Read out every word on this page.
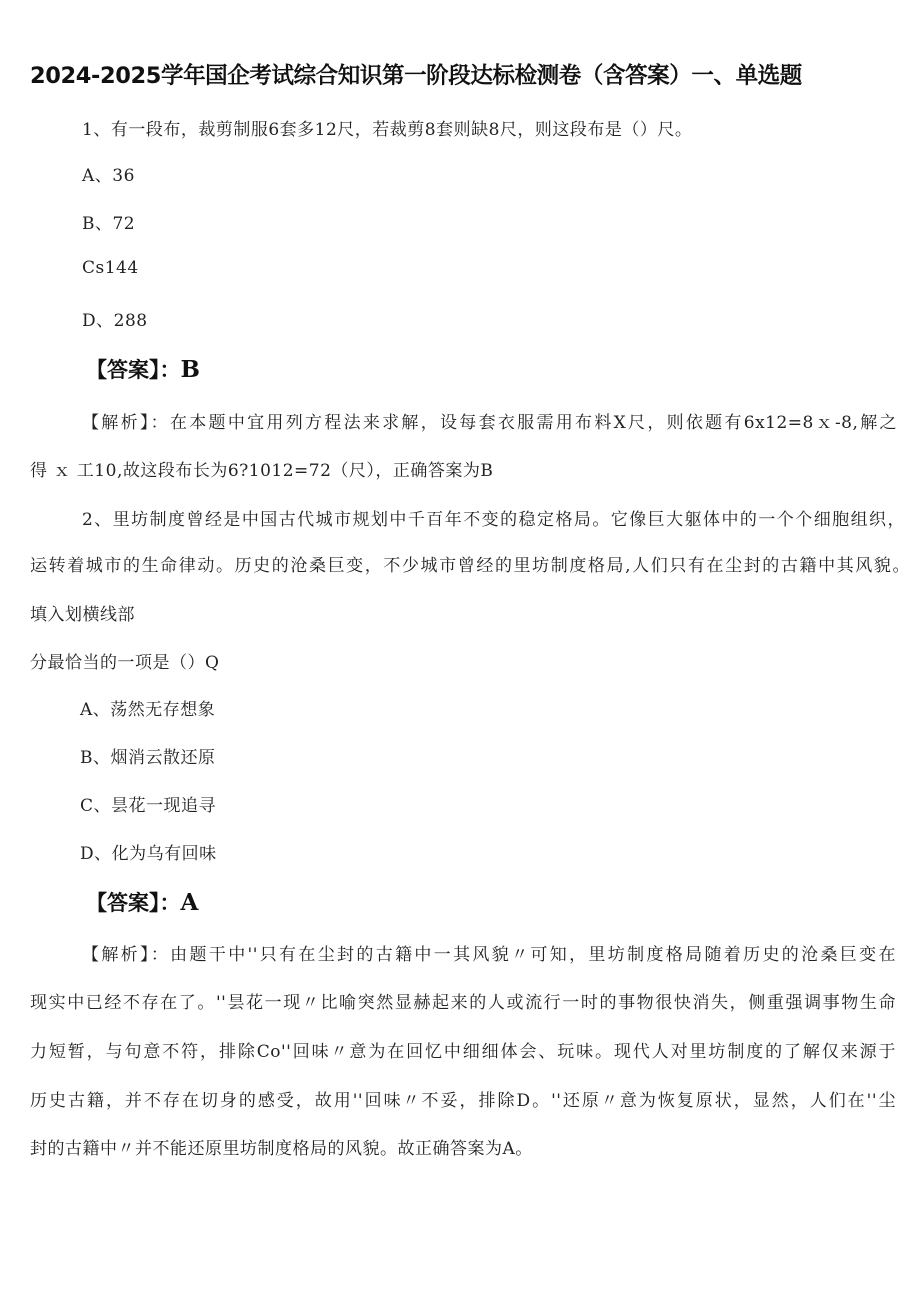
2024-2025学年国企考试综合知识第一阶段达标检测卷（含答案）一、单选题
1、有一段布，裁剪制服6套多12尺，若裁剪8套则缺8尺，则这段布是（）尺。
A、36
B、72
Cs144
D、288
【答案】：B
【解析】：在本题中宜用列方程法来求解，设每套衣服需用布料X尺，则依题有6x12=8ｘ-8,解之
得 ｘ 工10,故这段布长为6?1012=72（尺），正确答案为B
2、里坊制度曾经是中国古代城市规划中千百年不变的稳定格局。它像巨大躯体中的一个个细胞组织，
运转着城市的生命律动。历史的沧桑巨变，不少城市曾经的里坊制度格局,人们只有在尘封的古籍中其风貌。
填入划横线部
分最恰当的一项是（）Q
A、荡然无存想象
B、烟消云散还原
C、昙花一现追寻
D、化为乌有回味
【答案】：A
【解析】：由题干中''只有在尘封的古籍中一其风貌〃可知，里坊制度格局随着历史的沧桑巨变在
现实中已经不存在了。''昙花一现〃比喻突然显赫起来的人或流行一时的事物很快消失，侧重强调事物生命
力短暂，与句意不符，排除Co''回味〃意为在回忆中细细体会、玩味。现代人对里坊制度的了解仅来源于
历史古籍，并不存在切身的感受，故用''回味〃不妥，排除D。''还原〃意为恢复原状，显然，人们在''尘
封的古籍中〃并不能还原里坊制度格局的风貌。故正确答案为A。
